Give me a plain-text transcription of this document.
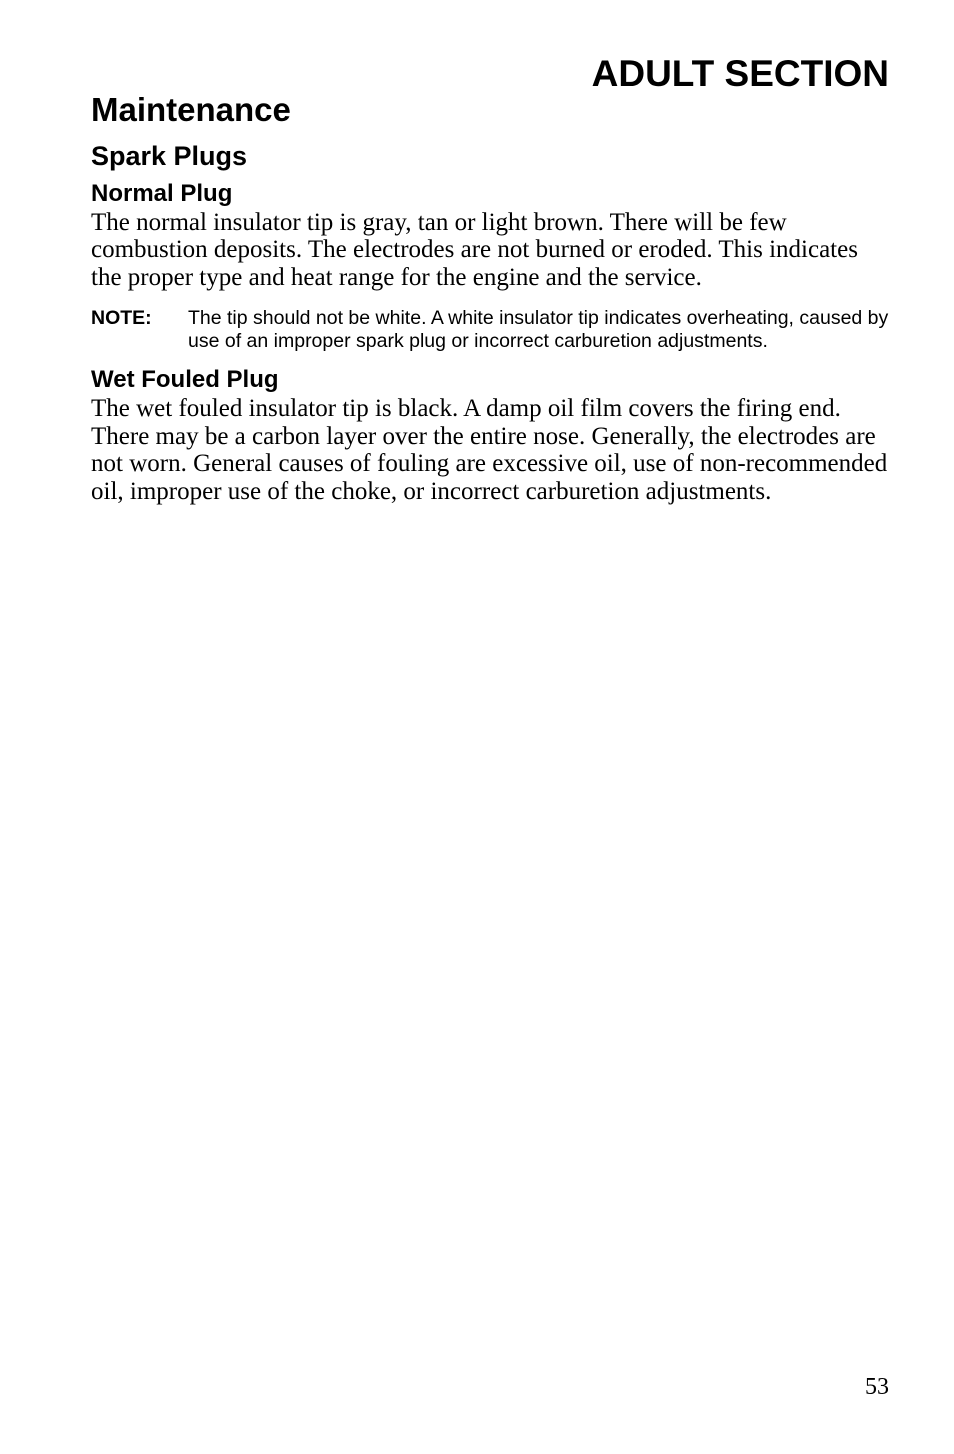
ADULT SECTION
Maintenance
Spark Plugs
Normal Plug

The normal insulator tip is gray, tan or light brown. There will be few combustion deposits. The electrodes are not burned or eroded. This indicates the proper type and heat range for the engine and the service.

NOTE:	The tip should not be white. A white insulator tip indicates overheating, caused by use of an improper spark plug or incorrect carburetion adjustments.
Wet Fouled Plug

The wet fouled insulator tip is black. A damp oil film covers the firing end. There may be a carbon layer over the entire nose. Generally, the electrodes are not worn. General causes of fouling are excessive oil, use of non-recommended oil, improper use of the choke, or incorrect carburetion adjustments.

53
